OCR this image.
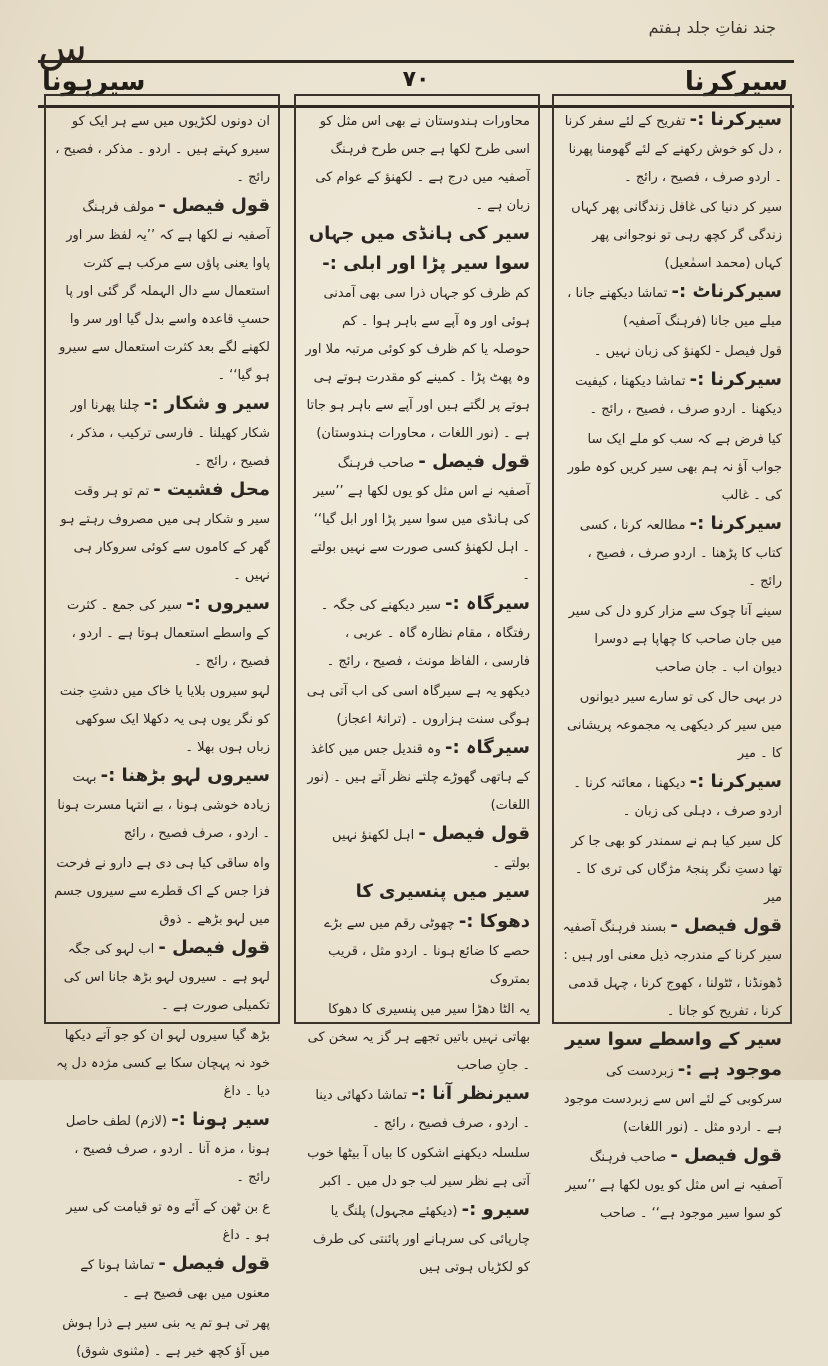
س	جند نفاتِ جلد ہفتم
سیرہونا	۷۰	سیرکرنا

سیرکرنا :- تفریح کے لئے سفر کرنا ، دل کو خوش رکھنے کے لئے گھومنا پھرنا ۔ اردو صرف ، فصیح ، رائج ۔

سیر کر دنیا کی غافل زندگانی پھر کہاں زندگی گر کچھ رہی تو نوجوانی پھر کہاں (محمد اسمٰعیل)

سیرکرناٹ :- تماشا دیکھنے جانا ، میلے میں جانا (فرہنگ آصفیہ)

قول فیصل - لکھنؤ کی زبان نہیں ۔

سیرکرنا :- تماشا دیکھنا ، کیفیت دیکھنا ۔ اردو صرف ، فصیح ، رائج ۔

کیا فرض ہے کہ سب کو ملے ایک سا جواب آؤ نہ ہم بھی سیر کریں کوہ طور کی ۔ غالب

سیرکرنا :- مطالعہ کرنا ، کسی کتاب کا پڑھنا ۔ اردو صرف ، فصیح ، رائج ۔

سینے آنا چوک سے مزار کرو دل کی سیر میں جان صاحب کا چھاپا ہے دوسرا دیوان اب ۔ جان صاحب

در بہی حال کی تو سارے سیر دیوانوں میں سیر کر دیکھی یہ مجموعہ پریشانی کا ۔ میر

سیرکرنا :- دیکھنا ، معائنہ کرنا ۔ اردو صرف ، دہلی کی زبان ۔

کل سیر کیا ہم نے سمندر کو بھی جا کر تھا دستِ نگر پنجۂ مژگاں کی تری کا ۔ میر

قول فیصل - بسند فرہنگ آصفیہ سیر کرنا کے مندرجہ ذیل معنی اور ہیں : ڈھونڈنا ، ٹٹولنا ، کھوج کرنا ، چہل قدمی کرنا ، تفریح کو جانا ۔

سیر کے واسطے سوا سیر موجود ہے :- زبردست کی سرکوبی کے لئے اس سے زبردست موجود ہے ۔ اردو مثل ۔ (نور اللغات)

قول فیصل - صاحب فرہنگ آصفیہ نے اس مثل کو یوں لکھا ہے ’’سیر کو سوا سیر موجود ہے‘‘ ۔ صاحب

محاورات ہندوستان نے بھی اس مثل کو اسی طرح لکھا ہے جس طرح فرہنگ آصفیہ میں درج ہے ۔ لکھنؤ کے عوام کی زبان ہے ۔

سیر کی ہانڈی میں جہاں سوا سیر پڑا اور ابلی :- کم ظرف کو جہاں ذرا سی بھی آمدنی ہوئی اور وہ آپے سے باہر ہوا ۔ کم حوصلہ یا کم ظرف کو کوئی مرتبہ ملا اور وہ پھٹ پڑا ۔ کمینے کو مقدرت ہوتے ہی ہوتے پر لگتے ہیں اور آپے سے باہر ہو جاتا ہے ۔ (نور اللغات ، محاورات ہندوستان)

قول فیصل - صاحب فرہنگ آصفیہ نے اس مثل کو یوں لکھا ہے ’’سیر کی ہانڈی میں سوا سیر پڑا اور ابل گیا‘‘ ۔ اہل لکھنؤ کسی صورت سے نہیں بولتے ۔

سیرگاہ :- سیر دیکھنے کی جگہ ۔ رفتگاہ ، مقام نظارہ گاہ ۔ عربی ، فارسی ، الفاظ مونث ، فصیح ، رائج ۔

دیکھو یہ ہے سیرگاہ اسی کی اب آتی ہی ہوگی سنت ہزاروں ۔ (ترانۂ اعجاز)

سیرگاہ :- وہ قندیل جس میں کاغذ کے ہاتھی گھوڑے چلتے نظر آتے ہیں ۔ (نور اللغات)

قول فیصل - اہل لکھنؤ نہیں بولتے ۔

سیر میں پنسیری کا دھوکا :- چھوٹی رقم میں سے بڑے حصے کا ضائع ہونا ۔ اردو مثل ، قریب بمتروک

یہ الٹا دھڑا سیر میں پنسیری کا دھوکا بھاتی نہیں باتیں تجھے ہر گز یہ سخن کی ۔ جانِ صاحب

سیرنظر آنا :- تماشا دکھائی دینا ۔ اردو ، صرف فصیح ، رائج ۔

سلسلہ دیکھنے اشکوں کا بیاں آ بیٹھا خوب آتی ہے نظر سیر لب جو دل میں ۔ اکبر

سیرو :- (دیکھئے مجہول) پلنگ یا چارپائی کی سرہانے اور پائنتی کی طرف کو لکڑیاں ہوتی ہیں

ان دونوں لکڑیوں میں سے ہر ایک کو سیرو کہتے ہیں ۔ اردو ۔ مذکر ، فصیح ، رائج ۔

قول فیصل - مولف فرہنگ آصفیہ نے لکھا ہے کہ ’’یہ لفظ سر اور پاوا یعنی پاؤں سے مرکب ہے کثرت استعمال سے دال الہملہ گر گئی اور پا حسبِ قاعدہ واسے بدل گیا اور سر وا لکھنے لگے بعد کثرت استعمال سے سیرو ہو گیا‘‘ ۔

سیر و شکار :- چلنا پھرنا اور شکار کھیلنا ۔ فارسی ترکیب ، مذکر ، فصیح ، رائج ۔

محل فشیت - تم تو ہر وقت سیر و شکار ہی میں مصروف رہتے ہو گھر کے کاموں سے کوئی سروکار ہی نہیں ۔

سیروں :- سیر کی جمع ۔ کثرت کے واسطے استعمال ہوتا ہے ۔ اردو ، فصیح ، رائج ۔

لہو سیروں بلایا یا خاک میں دشتِ جنت کو نگر یوں ہی یہ دکھلا ایک سوکھی زباں ہوں بھلا ۔

سیروں لہو بڑھنا :- بہت زیادہ خوشی ہونا ، بے انتہا مسرت ہونا ۔ اردو ، صرف فصیح ، رائج

واہ ساقی کیا ہی دی ہے دارو نے فرحت فزا جس کے اک قطرے سے سیروں جسم میں لہو بڑھے ۔ ذوق

قول فیصل - اب لہو کی جگہ لہو ہے ۔ سیروں لہو بڑھ جانا اس کی تکمیلی صورت ہے ۔

بڑھ گیا سیروں لہو ان کو جو آتے دیکھا خود نہ پہچان سکا بے کسی مژدہ دل پہ دیا ۔ داغ

سیر ہونا :- (لازم) لطف حاصل ہونا ، مزہ آنا ۔ اردو ، صرف فصیح ، رائج ۔

ع بن ٹھن کے آئے وہ تو قیامت کی سیر ہو ۔ داغ

قول فیصل - تماشا ہونا کے معنوں میں بھی فصیح ہے ۔

پھر تی ہو تم یہ بنی سیر ہے ذرا ہوش میں آؤ کچھ خیر ہے ۔ (مثنوی شوق)
